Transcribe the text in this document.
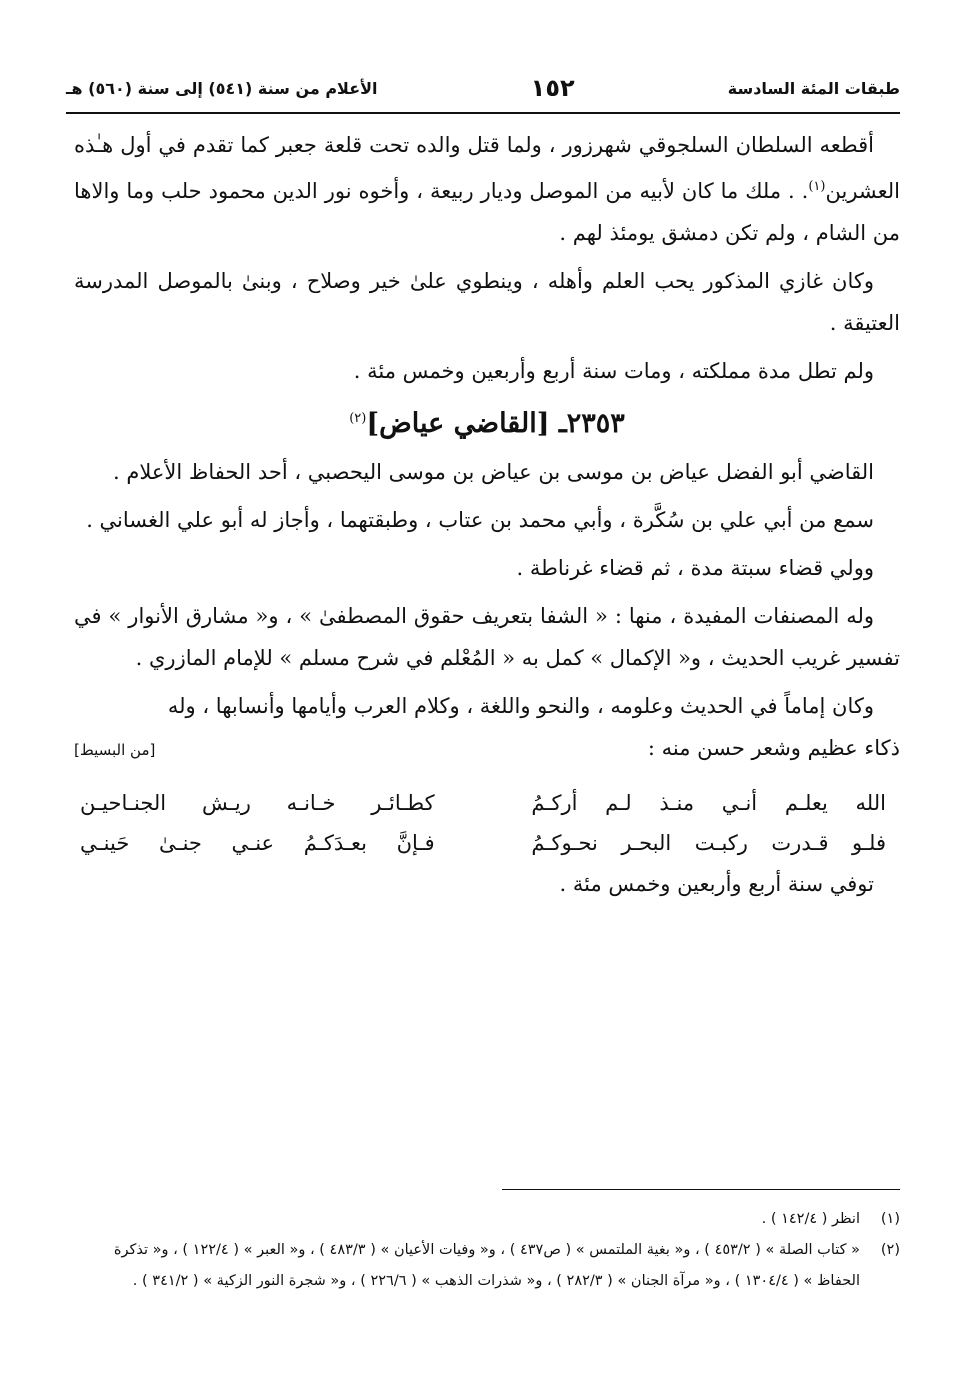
طبقات المئة السادسة
١٥٢
الأعلام من سنة (٥٤١) إلى سنة (٥٦٠) هـ

أقطعه السلطان السلجوقي شهرزور ، ولما قتل والده تحت قلعة جعبر كما تقدم في أول هـٰذه العشرين$^{(١)}$. . ملك ما كان لأبيه من الموصل وديار ربيعة ، وأخوه نور الدين محمود حلب وما والاها من الشام ، ولم تكن دمشق يومئذ لهم .

وكان غازي المذكور يحب العلم وأهله ، وينطوي علىٰ خير وصلاح ، وبنىٰ بالموصل المدرسة العتيقة .

ولم تطل مدة مملكته ، ومات سنة أربع وأربعين وخمس مئة .

٢٣٥٣ـ [القاضي عياض]$^{(٢)}$

القاضي أبو الفضل عياض بن موسى بن عياض بن موسى اليحصبي ، أحد الحفاظ الأعلام .

سمع من أبي علي بن سُكَّرة ، وأبي محمد بن عتاب ، وطبقتهما ، وأجاز له أبو علي الغساني .

وولي قضاء سبتة مدة ، ثم قضاء غرناطة .

وله المصنفات المفيدة ، منها : « الشفا بتعريف حقوق المصطفىٰ » ، و« مشارق الأنوار » في تفسير غريب الحديث ، و« الإكمال » كمل به « المُعْلم في شرح مسلم » للإمام المازري .

وكان إماماً في الحديث وعلومه ، والنحو واللغة ، وكلام العرب وأيامها وأنسابها ، وله

ذكاء عظيم وشعر حسن منه :
[من البسيط]
الله يعلـم أنـي منـذ لـم أركـمُ
كطـائـر خـانـه ريـش الجنـاحيـن
فلـو قـدرت ركبـت البحـر نحـوكـمُ
فـإنَّ بعـدَكـمُ عنـي جنـىٰ حَينـي

توفي سنة أربع وأربعين وخمس مئة .

(١)
انظر ( ١٤٢/٤ ) .
(٢)
« كتاب الصلة » ( ٤٥٣/٢ ) ، و« بغية الملتمس » ( ص٤٣٧ ) ، و« وفيات الأعيان » ( ٤٨٣/٣ ) ، و« العبر » ( ١٢٢/٤ ) ، و« تذكرة الحفاظ » ( ١٣٠٤/٤ ) ، و« مرآة الجنان » ( ٢٨٢/٣ ) ، و« شذرات الذهب » ( ٢٢٦/٦ ) ، و« شجرة النور الزكية » ( ٣٤١/٢ ) .
